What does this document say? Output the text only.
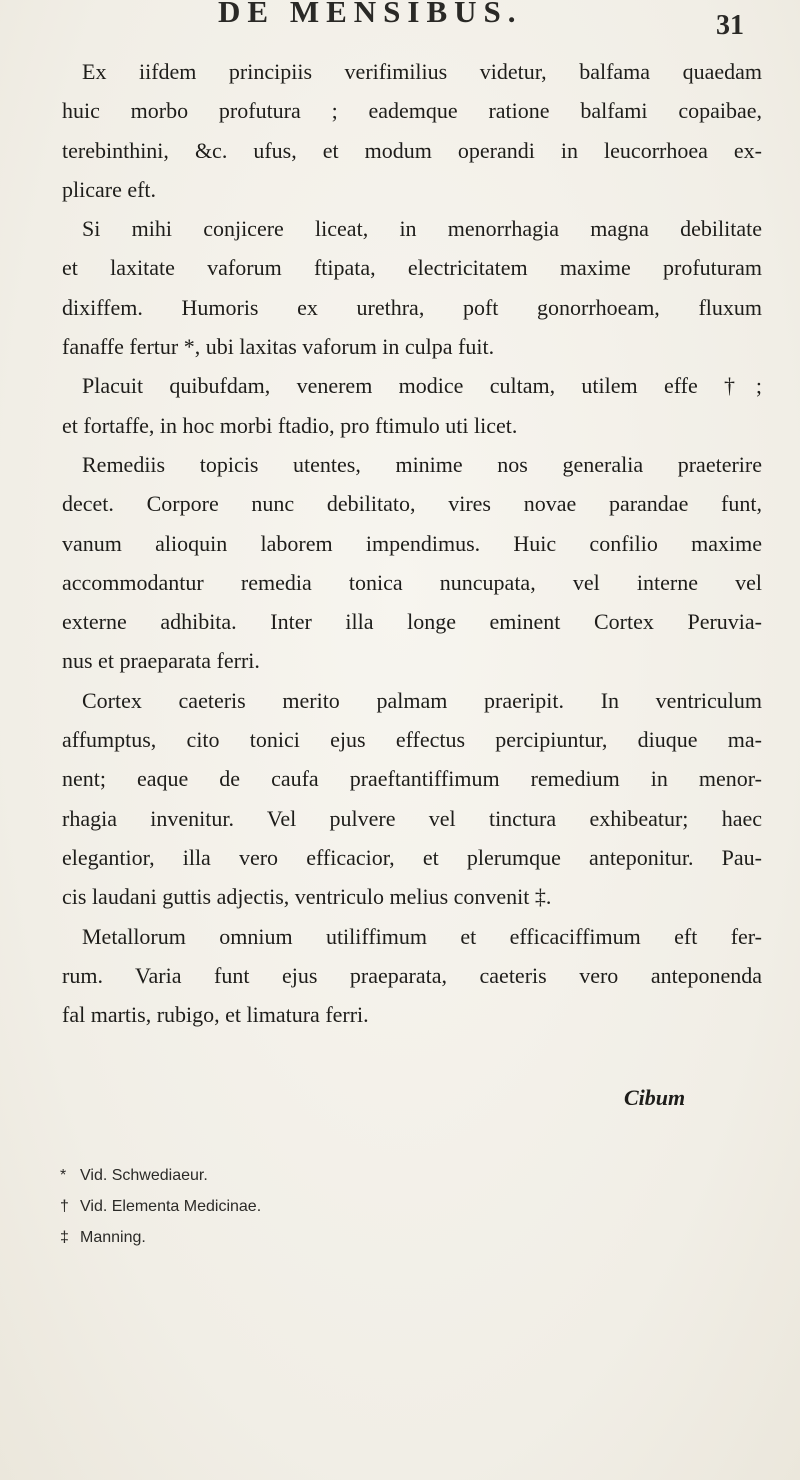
DE MENSIBUS.	31

Ex iifdem principiis verifimilius videtur, balfama quaedam
huic morbo profutura ; eademque ratione balfami copaibae,
terebinthini, &c. ufus, et modum operandi in leucorrhoea ex-
plicare eft.

Si mihi conjicere liceat, in menorrhagia magna debilitate
et laxitate vaforum ftipata, electricitatem maxime profuturam
dixiffem. Humoris ex urethra, poft gonorrhoeam, fluxum
fanaffe fertur *, ubi laxitas vaforum in culpa fuit.

Placuit quibufdam, venerem modice cultam, utilem effe †;
et fortaffe, in hoc morbi ftadio, pro ftimulo uti licet.

Remediis topicis utentes, minime nos generalia praeterire
decet. Corpore nunc debilitato, vires novae parandae funt,
vanum alioquin laborem impendimus. Huic confilio maxime
accommodantur remedia tonica nuncupata, vel interne vel
externe adhibita. Inter illa longe eminent Cortex Peruvia-
nus et praeparata ferri.

Cortex caeteris merito palmam praeripit. In ventriculum
affumptus, cito tonici ejus effectus percipiuntur, diuque ma-
nent; eaque de caufa praeftantiffimum remedium in menor-
rhagia invenitur. Vel pulvere vel tinctura exhibeatur; haec
elegantior, illa vero efficacior, et plerumque anteponitur. Pau-
cis laudani guttis adjectis, ventriculo melius convenit ‡.

Metallorum omnium utiliffimum et efficaciffimum eft fer-
rum. Varia funt ejus praeparata, caeteris vero anteponenda
fal martis, rubigo, et limatura ferri.

Cibum
* Vid. Schwediaeur.
† Vid. Elementa Medicinae.
‡ Manning.
